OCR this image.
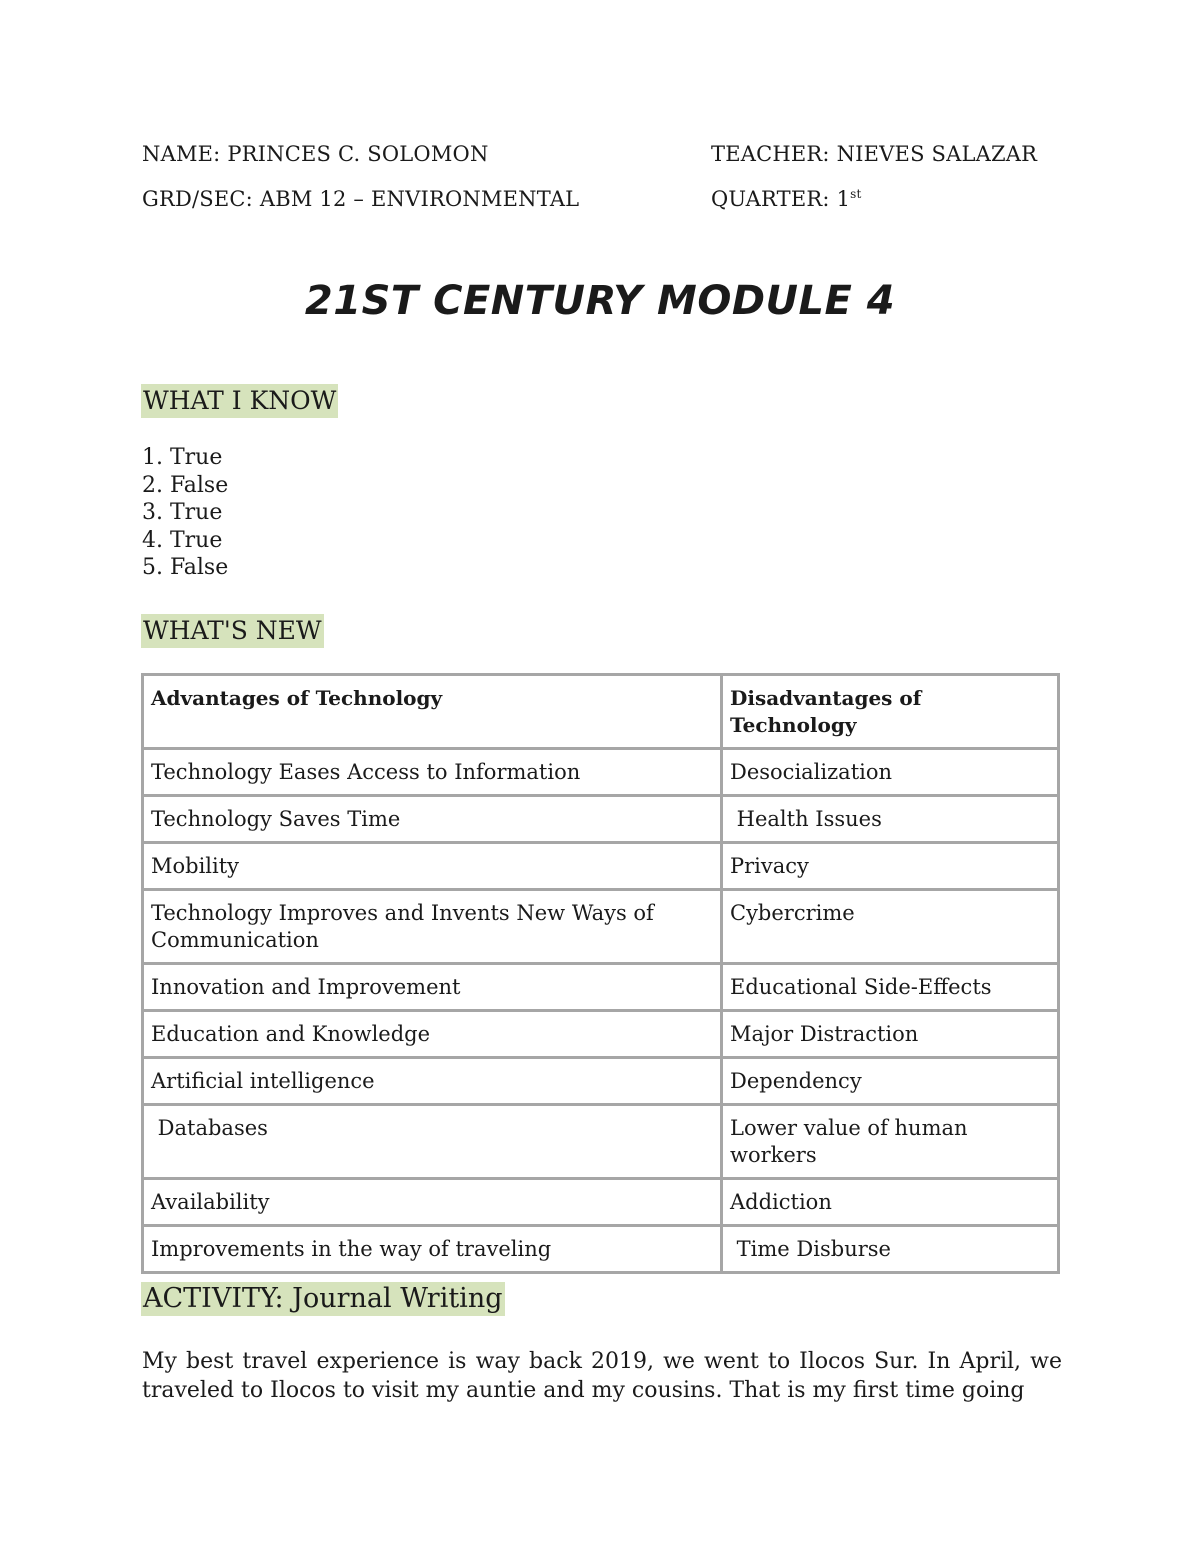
NAME: PRINCES C. SOLOMON	TEACHER: NIEVES SALAZAR
GRD/SEC: ABM 12 – ENVIRONMENTAL	QUARTER: 1st
21ST CENTURY MODULE 4
WHAT I KNOW
1. True
2. False
3. True
4. True
5. False
WHAT'S NEW
Advantages of Technology	Disadvantages of Technology
Technology Eases Access to Information	Desocialization
Technology Saves Time	Health Issues
Mobility	Privacy
Technology Improves and Invents New Ways of Communication	Cybercrime
Innovation and Improvement	Educational Side-Effects
Education and Knowledge	Major Distraction
Artificial intelligence	Dependency
Databases	Lower value of human workers
Availability	Addiction
Improvements in the way of traveling	Time Disburse
ACTIVITY: Journal Writing
My best travel experience is way back 2019, we went to Ilocos Sur. In April, we traveled to Ilocos to visit my auntie and my cousins. That is my first time going
